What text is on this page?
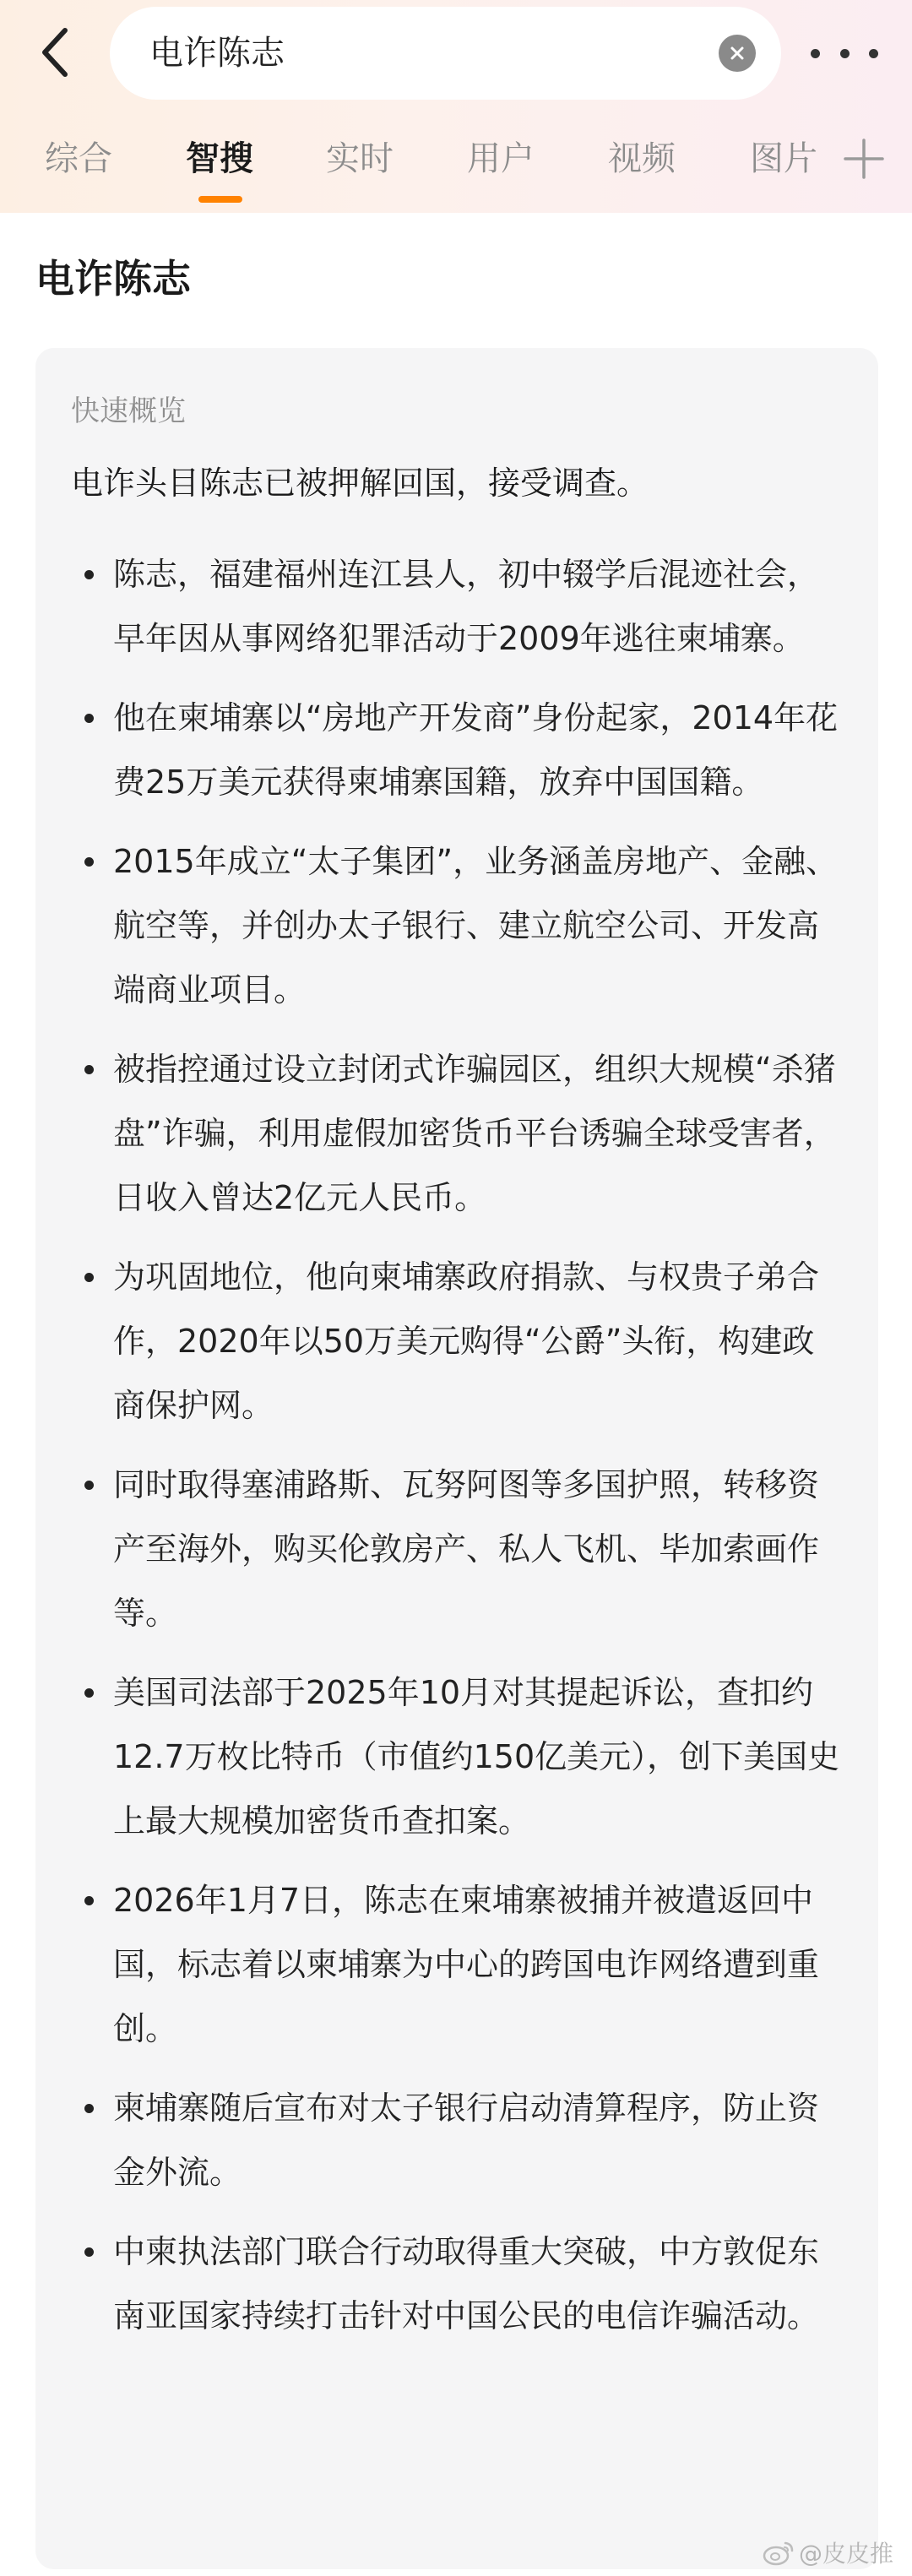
电诈陈志
综合 智搜 实时 用户 视频 图片
电诈陈志
快速概览
电诈头目陈志已被押解回国，接受调查。
陈志，福建福州连江县人，初中辍学后混迹社会，早年因从事网络犯罪活动于2009年逃往柬埔寨。
他在柬埔寨以“房地产开发商”身份起家，2014年花费25万美元获得柬埔寨国籍，放弃中国国籍。
2015年成立“太子集团”，业务涵盖房地产、金融、航空等，并创办太子银行、建立航空公司、开发高端商业项目。
被指控通过设立封闭式诈骗园区，组织大规模“杀猪盘”诈骗，利用虚假加密货币平台诱骗全球受害者，日收入曾达2亿元人民币。
为巩固地位，他向柬埔寨政府捐款、与权贵子弟合作，2020年以50万美元购得“公爵”头衔，构建政商保护网。
同时取得塞浦路斯、瓦努阿图等多国护照，转移资产至海外，购买伦敦房产、私人飞机、毕加索画作等。
美国司法部于2025年10月对其提起诉讼，查扣约12.7万枚比特币（市值约150亿美元），创下美国史上最大规模加密货币查扣案。
2026年1月7日，陈志在柬埔寨被捕并被遣返回中国，标志着以柬埔寨为中心的跨国电诈网络遭到重创。
柬埔寨随后宣布对太子银行启动清算程序，防止资金外流。
中柬执法部门联合行动取得重大突破，中方敦促东南亚国家持续打击针对中国公民的电信诈骗活动。
@皮皮推
